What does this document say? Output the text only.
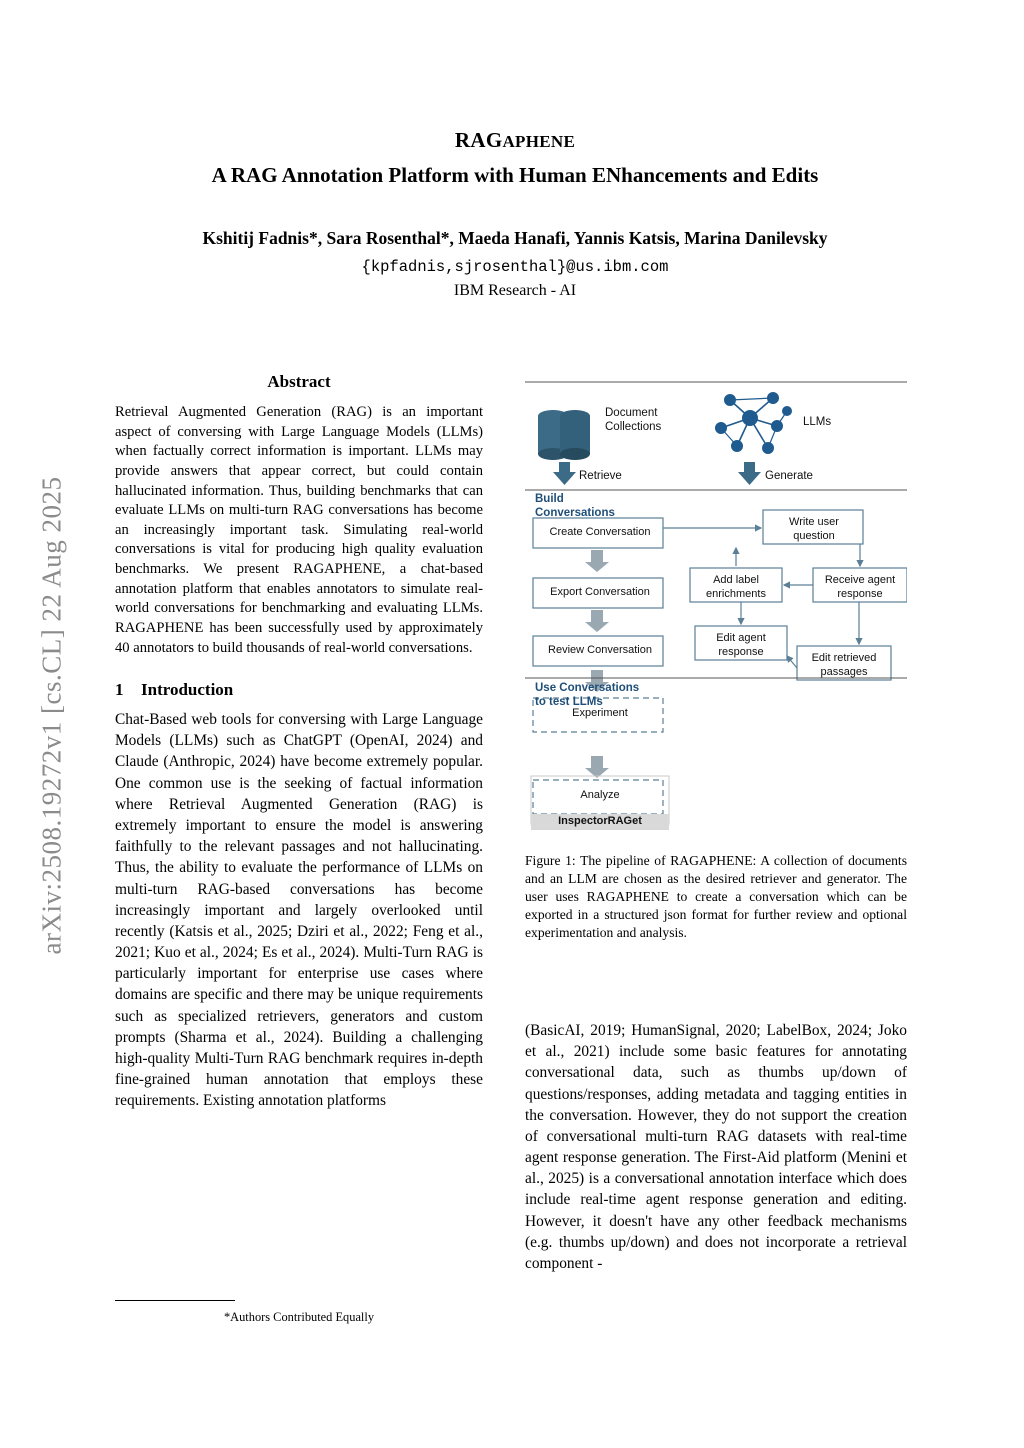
arXiv:2508.19272v1 [cs.CL] 22 Aug 2025
RAGAPHENE
A RAG Annotation Platform with Human ENhancements and Edits
Kshitij Fadnis*, Sara Rosenthal*, Maeda Hanafi, Yannis Katsis, Marina Danilevsky
{kpfadnis,sjrosenthal}@us.ibm.com
IBM Research - AI
Abstract
Retrieval Augmented Generation (RAG) is an important aspect of conversing with Large Language Models (LLMs) when factually correct information is important. LLMs may provide answers that appear correct, but could contain hallucinated information. Thus, building benchmarks that can evaluate LLMs on multi-turn RAG conversations has become an increasingly important task. Simulating real-world conversations is vital for producing high quality evaluation benchmarks. We present RAGAPHENE, a chat-based annotation platform that enables annotators to simulate real-world conversations for benchmarking and evaluating LLMs. RAGAPHENE has been successfully used by approximately 40 annotators to build thousands of real-world conversations.
1 Introduction
Chat-Based web tools for conversing with Large Language Models (LLMs) such as ChatGPT (OpenAI, 2024) and Claude (Anthropic, 2024) have become extremely popular. One common use is the seeking of factual information where Retrieval Augmented Generation (RAG) is extremely important to ensure the model is answering faithfully to the relevant passages and not hallucinating. Thus, the ability to evaluate the performance of LLMs on multi-turn RAG-based conversations has become increasingly important and largely overlooked until recently (Katsis et al., 2025; Dziri et al., 2022; Feng et al., 2021; Kuo et al., 2024; Es et al., 2024). Multi-Turn RAG is particularly important for enterprise use cases where domains are specific and there may be unique requirements such as specialized retrievers, generators and custom prompts (Sharma et al., 2024). Building a challenging high-quality Multi-Turn RAG benchmark requires in-depth fine-grained human annotation that employs these requirements. Existing annotation platforms
*Authors Contributed Equally
Document
Collections	LLMs
Retrieve	Generate
Build
Conversations
Create Conversation
Export Conversation
Review Conversation
Write user
question
Add label
enrichments
Receive agent
response
Edit agent
response
Edit retrieved
passages
Use Conversations
to test LLMs
Experiment
Analyze
InspectorRAGet
Figure 1: The pipeline of RAGAPHENE: A collection of documents and an LLM are chosen as the desired retriever and generator. The user uses RAGAPHENE to create a conversation which can be exported in a structured json format for further review and optional experimentation and analysis.
(BasicAI, 2019; HumanSignal, 2020; LabelBox, 2024; Joko et al., 2021) include some basic features for annotating conversational data, such as thumbs up/down of questions/responses, adding metadata and tagging entities in the conversation. However, they do not support the creation of conversational multi-turn RAG datasets with real-time agent response generation. The First-Aid platform (Menini et al., 2025) is a conversational annotation interface which does include real-time agent response generation and editing. However, it doesn't have any other feedback mechanisms (e.g. thumbs up/down) and does not incorporate a retrieval component -
